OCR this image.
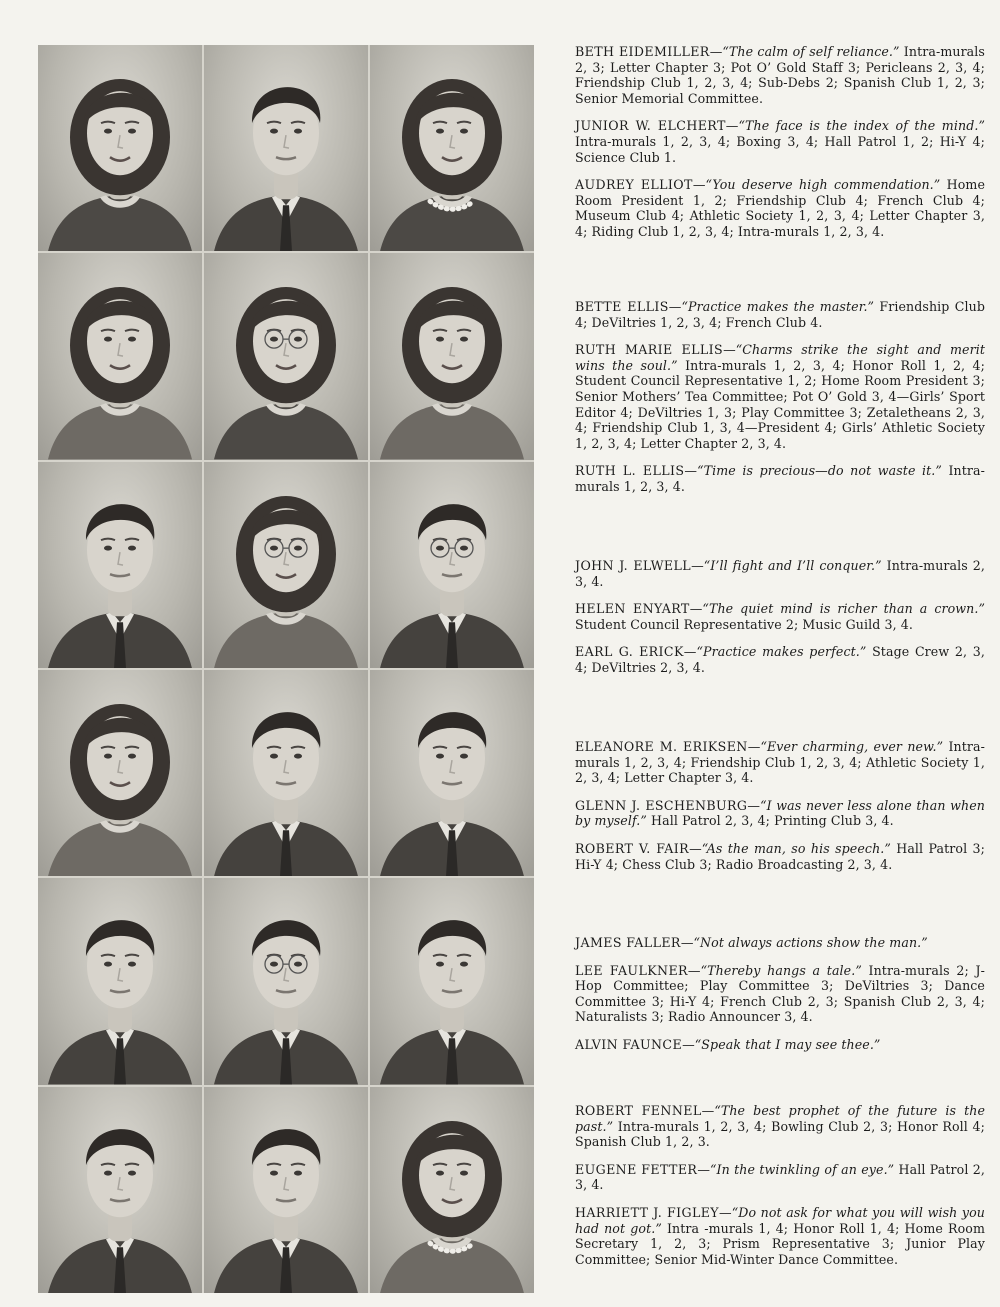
BETH EIDEMILLER—“The calm of self reliance.” Intra-murals 2, 3; Letter Chapter 3; Pot O’ Gold Staff 3; Pericleans 2, 3, 4; Friendship Club 1, 2, 3, 4; Sub-Debs 2; Spanish Club 1, 2, 3; Senior Memorial Committee.

JUNIOR W. ELCHERT—“The face is the index of the mind.” Intra-murals 1, 2, 3, 4; Boxing 3, 4; Hall Patrol 1, 2; Hi-Y 4; Science Club 1.

AUDREY ELLIOT—“You deserve high commendation.” Home Room President 1, 2; Friendship Club 4; French Club 4; Museum Club 4; Athletic Society 1, 2, 3, 4; Letter Chapter 3, 4; Riding Club 1, 2, 3, 4; Intra-murals 1, 2, 3, 4.

BETTE ELLIS—“Practice makes the master.” Friendship Club 4; DeViltries 1, 2, 3, 4; French Club 4.

RUTH MARIE ELLIS—“Charms strike the sight and merit wins the soul.” Intra-murals 1, 2, 3, 4; Honor Roll 1, 2, 4; Student Council Representative 1, 2; Home Room President 3; Senior Mothers’ Tea Committee; Pot O’ Gold 3, 4—Girls’ Sport Editor 4; DeViltries 1, 3; Play Committee 3; Zetaletheans 2, 3, 4; Friendship Club 1, 3, 4—President 4; Girls’ Athletic Society 1, 2, 3, 4; Letter Chapter 2, 3, 4.

RUTH L. ELLIS—“Time is precious—do not waste it.” Intra-murals 1, 2, 3, 4.

JOHN J. ELWELL—“I’ll fight and I’ll conquer.” Intra-murals 2, 3, 4.

HELEN ENYART—“The quiet mind is richer than a crown.” Student Council Representative 2; Music Guild 3, 4.

EARL G. ERICK—“Practice makes perfect.” Stage Crew 2, 3, 4; DeViltries 2, 3, 4.

ELEANORE M. ERIKSEN—“Ever charming, ever new.” Intra-murals 1, 2, 3, 4; Friendship Club 1, 2, 3, 4; Athletic Society 1, 2, 3, 4; Letter Chapter 3, 4.

GLENN J. ESCHENBURG—“I was never less alone than when by myself.” Hall Patrol 2, 3, 4; Printing Club 3, 4.

ROBERT V. FAIR—“As the man, so his speech.” Hall Patrol 3; Hi-Y 4; Chess Club 3; Radio Broadcasting 2, 3, 4.

JAMES FALLER—“Not always actions show the man.”

LEE FAULKNER—“Thereby hangs a tale.” Intra-murals 2; J-Hop Committee; Play Committee 3; DeViltries 3; Dance Committee 3; Hi-Y 4; French Club 2, 3; Spanish Club 2, 3, 4; Naturalists 3; Radio Announcer 3, 4.

ALVIN FAUNCE—“Speak that I may see thee.”

ROBERT FENNEL—“The best prophet of the future is the past.” Intra-murals 1, 2, 3, 4; Bowling Club 2, 3; Honor Roll 4; Spanish Club 1, 2, 3.

EUGENE FETTER—“In the twinkling of an eye.” Hall Patrol 2, 3, 4.

HARRIETT J. FIGLEY—“Do not ask for what you will wish you had not got.” Intra -murals 1, 4; Honor Roll 1, 4; Home Room Secretary 1, 2, 3; Prism Representative 3; Junior Play Committee; Senior Mid-Winter Dance Committee.
